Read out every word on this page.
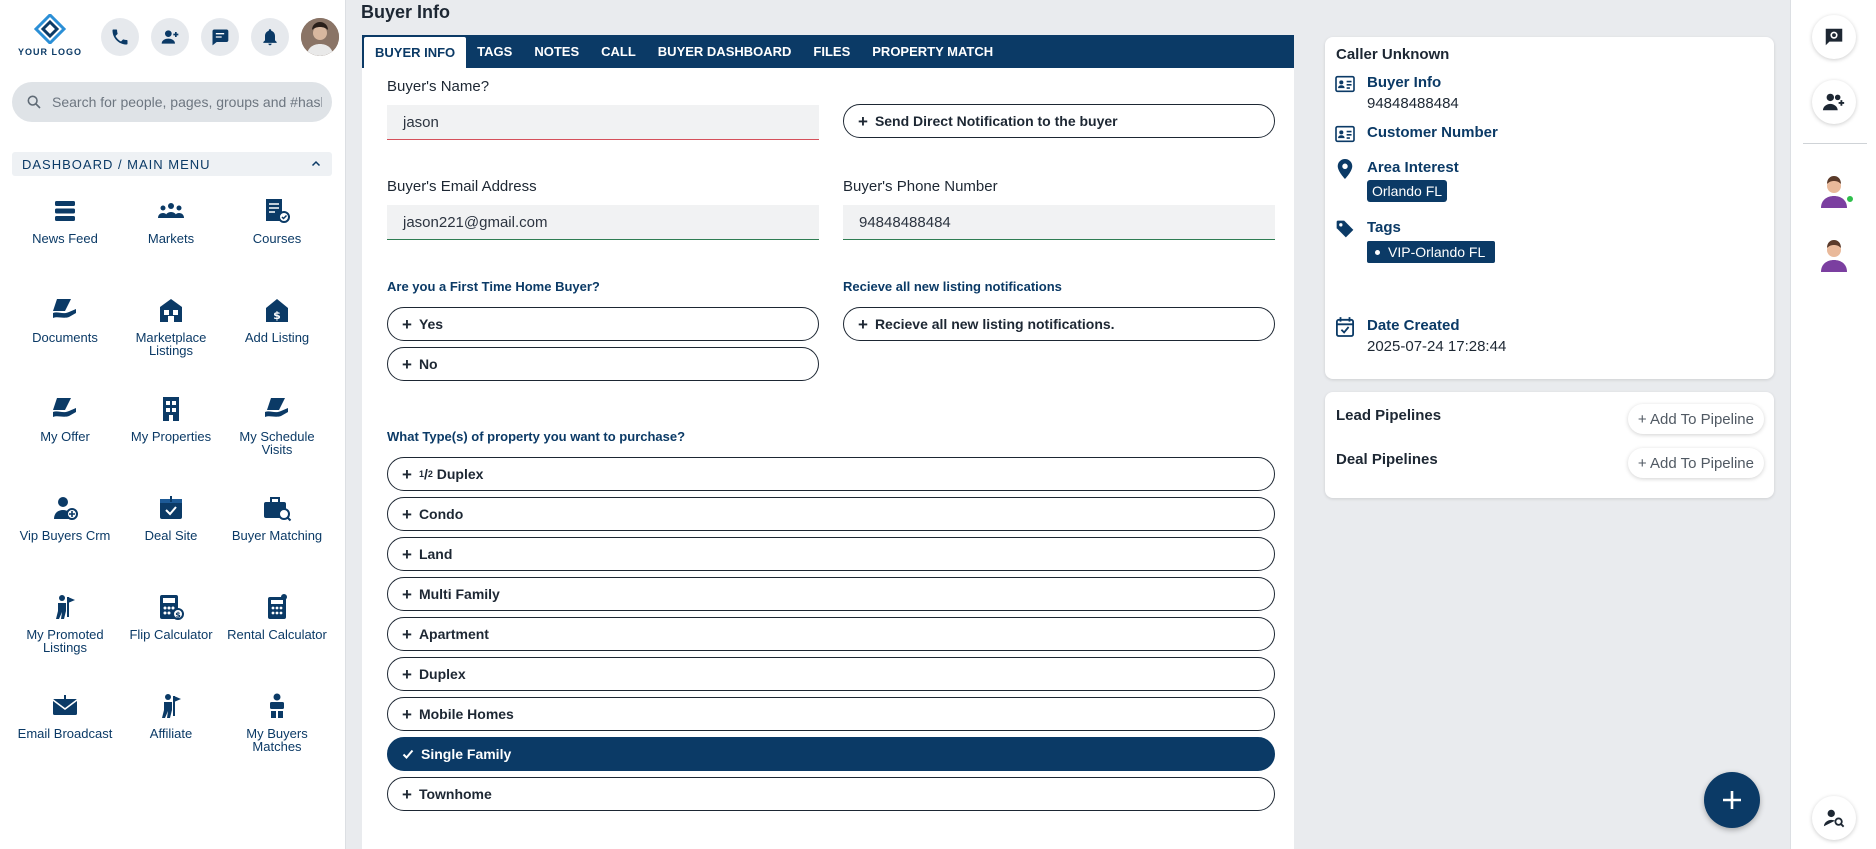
YOUR LOGO
Search for people, pages, groups and #hashtags
DASHBOARD / MAIN MENU
News Feed	Markets	Courses
Documents	Marketplace Listings
$
Add Listing
My Offer	My Properties	My Schedule Visits
Vip Buyers Crm	Deal Site	Buyer Matching
My Promoted Listings
$
Flip Calculator	Rental Calculator
Email Broadcast	Affiliate	My Buyers Matches
Buyer Info
BUYER INFO	TAGS	NOTES	CALL	BUYER DASHBOARD	FILES	PROPERTY MATCH
Buyer's Name?
jason	+ Send Direct Notification to the buyer
Buyer's Email Address
jason221@gmail.com
Buyer's Phone Number
94848488484
Are you a First Time Home Buyer?
+ Yes
+ No
Recieve all new listing notifications
+ Recieve all new listing notifications.
What Type(s) of property you want to purchase?
+ 1 / 2
Duplex
+ Condo
+ Land
+ Multi Family
+ Apartment
+ Duplex
+ Mobile Homes
Single Family
+ Townhome
Caller Unknown
Buyer Info
94848488484
Customer Number
Area Interest
Orlando FL
Tags
VIP-Orlando FL
Date Created
2025-07-24 17:28:44
Lead Pipelines	+ Add To Pipeline
Deal Pipelines	+ Add To Pipeline
